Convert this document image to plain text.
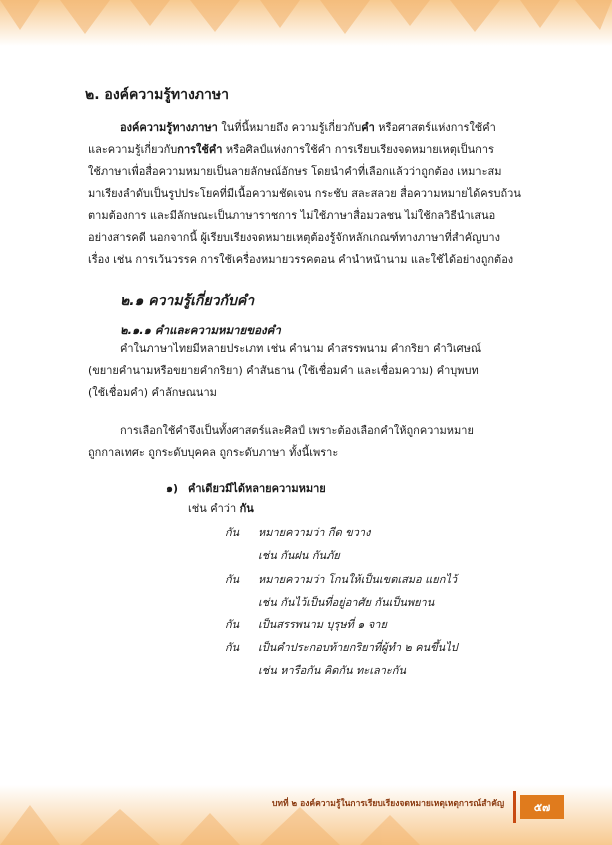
๒. องค์ความรู้ทางภาษา
องค์ความรู้ทางภาษา ในที่นี้หมายถึง ความรู้เกี่ยวกับคำ หรือศาสตร์แห่งการใช้คำ
และความรู้เกี่ยวกับการใช้คำ หรือศิลป์แห่งการใช้คำ การเรียบเรียงจดหมายเหตุเป็นการ
ใช้ภาษาเพื่อสื่อความหมายเป็นลายลักษณ์อักษร โดยนำคำที่เลือกแล้วว่าถูกต้อง เหมาะสม
มาเรียงลำดับเป็นรูปประโยคที่มีเนื้อความชัดเจน กระชับ สละสลวย สื่อความหมายได้ครบถ้วน
ตามต้องการ และมีลักษณะเป็นภาษาราชการ ไม่ใช้ภาษาสื่อมวลชน ไม่ใช้กลวิธีนำเสนอ
อย่างสารคดี นอกจากนี้ ผู้เรียบเรียงจดหมายเหตุต้องรู้จักหลักเกณฑ์ทางภาษาที่สำคัญบาง
เรื่อง เช่น การเว้นวรรค การใช้เครื่องหมายวรรคตอน คำนำหน้านาม และใช้ได้อย่างถูกต้อง
๒.๑ ความรู้เกี่ยวกับคำ
๒.๑.๑ คำและความหมายของคำ
คำในภาษาไทยมีหลายประเภท เช่น คำนาม คำสรรพนาม คำกริยา คำวิเศษณ์
(ขยายคำนามหรือขยายคำกริยา) คำสันธาน (ใช้เชื่อมคำ และเชื่อมความ) คำบุพบท
(ใช้เชื่อมคำ) คำลักษณนาม
การเลือกใช้คำจึงเป็นทั้งศาสตร์และศิลป์ เพราะต้องเลือกคำให้ถูกความหมาย
ถูกกาลเทศะ ถูกระดับบุคคล ถูกระดับภาษา ทั้งนี้เพราะ
๑) คำเดียวมีได้หลายความหมาย
เช่น คำว่า กัน
กัน หมายความว่า กีด ขวาง
เช่น กันฝน กันภัย
กัน หมายความว่า โกนให้เป็นเขตเสมอ แยกไว้
เช่น กันไว้เป็นที่อยู่อาศัย กันเป็นพยาน
กัน เป็นสรรพนาม บุรุษที่ ๑ จาย
กัน เป็นคำประกอบท้ายกริยาที่ผู้ทำ ๒ คนขึ้นไป
เช่น หารือกัน คิดกัน ทะเลาะกัน
บทที่ ๒ องค์ความรู้ในการเรียบเรียงจดหมายเหตุเหตุการณ์สำคัญ	๕๗
